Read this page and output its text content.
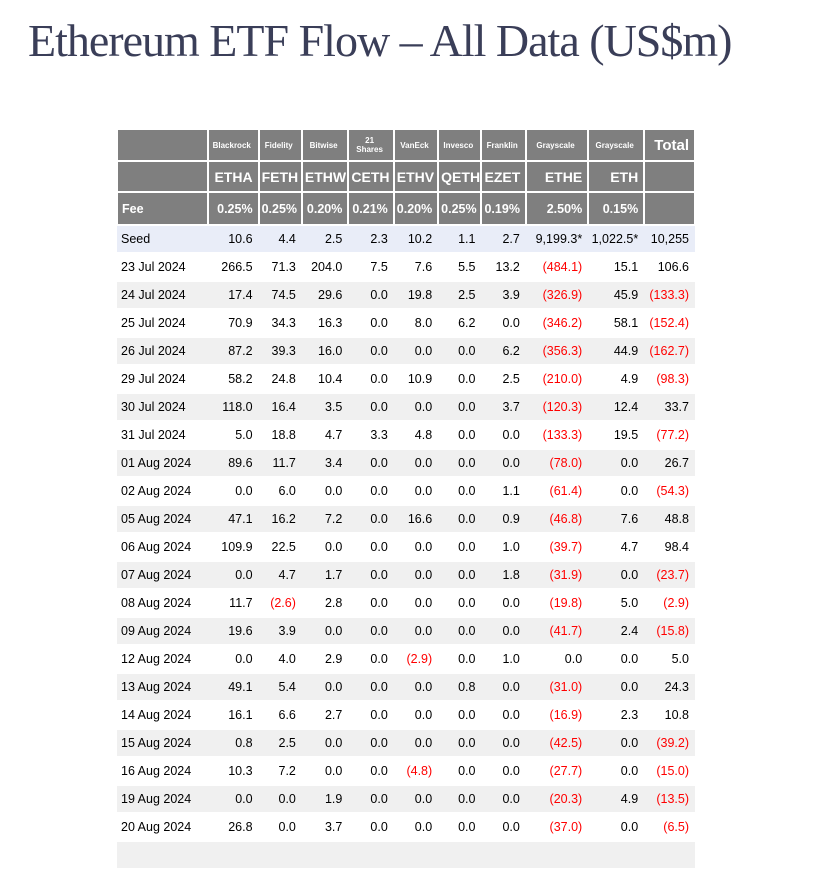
Ethereum ETF Flow – All Data (US$m)
	Blackrock	Fidelity	Bitwise	21 Shares	VanEck	Invesco	Franklin	Grayscale	Grayscale	Total
	ETHA	FETH	ETHW	CETH	ETHV	QETH	EZET	ETHE	ETH	
Fee	0.25%	0.25%	0.20%	0.21%	0.20%	0.25%	0.19%	2.50%	0.15%	
Seed	10.6	4.4	2.5	2.3	10.2	1.1	2.7	9,199.3*	1,022.5*	10,255
23 Jul 2024	266.5	71.3	204.0	7.5	7.6	5.5	13.2	(484.1)	15.1	106.6
24 Jul 2024	17.4	74.5	29.6	0.0	19.8	2.5	3.9	(326.9)	45.9	(133.3)
25 Jul 2024	70.9	34.3	16.3	0.0	8.0	6.2	0.0	(346.2)	58.1	(152.4)
26 Jul 2024	87.2	39.3	16.0	0.0	0.0	0.0	6.2	(356.3)	44.9	(162.7)
29 Jul 2024	58.2	24.8	10.4	0.0	10.9	0.0	2.5	(210.0)	4.9	(98.3)
30 Jul 2024	118.0	16.4	3.5	0.0	0.0	0.0	3.7	(120.3)	12.4	33.7
31 Jul 2024	5.0	18.8	4.7	3.3	4.8	0.0	0.0	(133.3)	19.5	(77.2)
01 Aug 2024	89.6	11.7	3.4	0.0	0.0	0.0	0.0	(78.0)	0.0	26.7
02 Aug 2024	0.0	6.0	0.0	0.0	0.0	0.0	1.1	(61.4)	0.0	(54.3)
05 Aug 2024	47.1	16.2	7.2	0.0	16.6	0.0	0.9	(46.8)	7.6	48.8
06 Aug 2024	109.9	22.5	0.0	0.0	0.0	0.0	1.0	(39.7)	4.7	98.4
07 Aug 2024	0.0	4.7	1.7	0.0	0.0	0.0	1.8	(31.9)	0.0	(23.7)
08 Aug 2024	11.7	(2.6)	2.8	0.0	0.0	0.0	0.0	(19.8)	5.0	(2.9)
09 Aug 2024	19.6	3.9	0.0	0.0	0.0	0.0	0.0	(41.7)	2.4	(15.8)
12 Aug 2024	0.0	4.0	2.9	0.0	(2.9)	0.0	1.0	0.0	0.0	5.0
13 Aug 2024	49.1	5.4	0.0	0.0	0.0	0.8	0.0	(31.0)	0.0	24.3
14 Aug 2024	16.1	6.6	2.7	0.0	0.0	0.0	0.0	(16.9)	2.3	10.8
15 Aug 2024	0.8	2.5	0.0	0.0	0.0	0.0	0.0	(42.5)	0.0	(39.2)
16 Aug 2024	10.3	7.2	0.0	0.0	(4.8)	0.0	0.0	(27.7)	0.0	(15.0)
19 Aug 2024	0.0	0.0	1.9	0.0	0.0	0.0	0.0	(20.3)	4.9	(13.5)
20 Aug 2024	26.8	0.0	3.7	0.0	0.0	0.0	0.0	(37.0)	0.0	(6.5)
